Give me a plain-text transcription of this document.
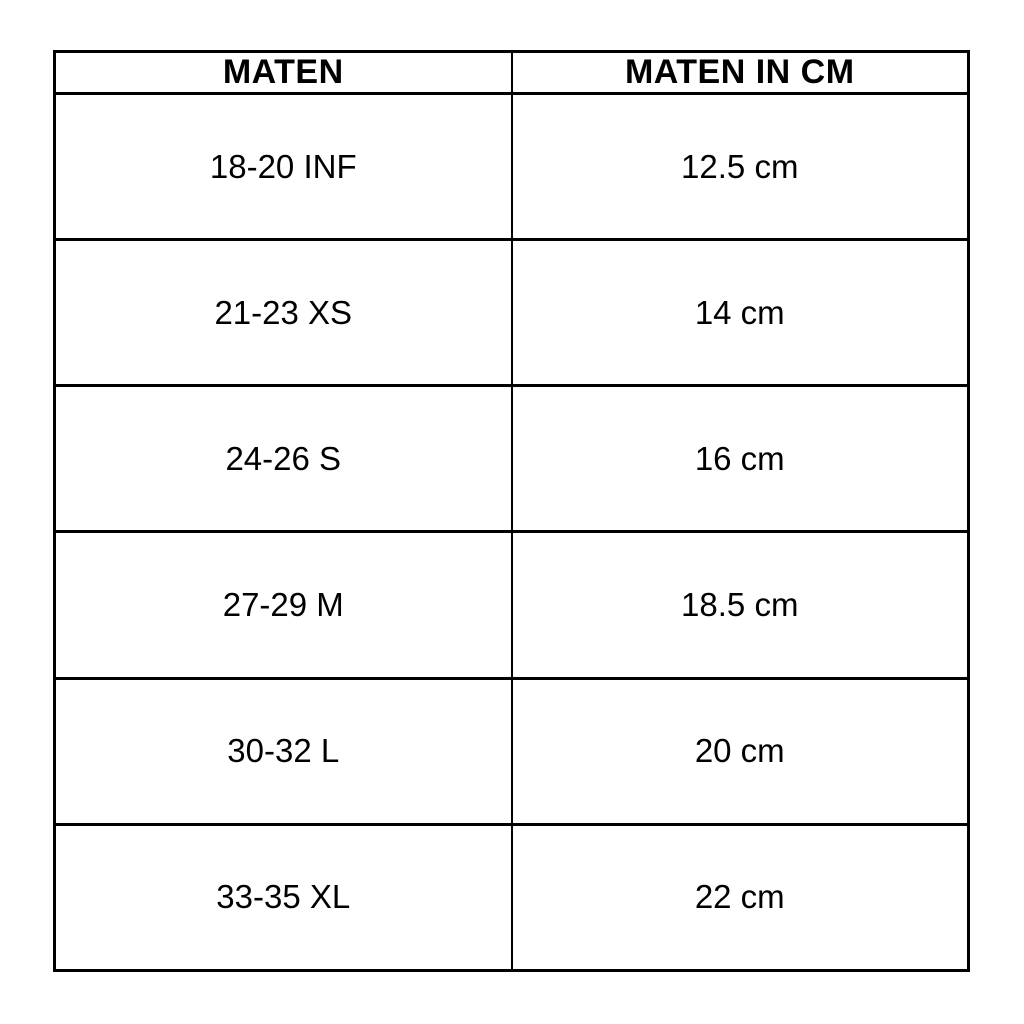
MATEN	MATEN IN CM
18-20 INF	12.5 cm
21-23 XS	14 cm
24-26 S	16 cm
27-29 M	18.5 cm
30-32 L	20 cm
33-35 XL	22 cm
